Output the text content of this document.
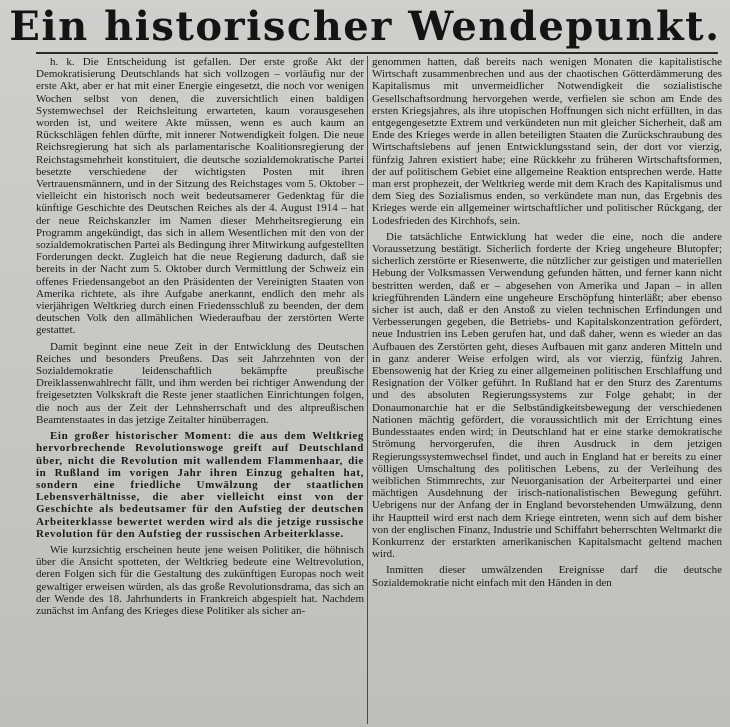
Ein historischer Wendepunkt.

h. k. Die Entscheidung ist gefallen. Der erste große Akt der Demokratisierung Deutschlands hat sich vollzogen – vorläufig nur der erste Akt, aber er hat mit einer Energie eingesetzt, die noch vor wenigen Wochen selbst von denen, die zuversichtlich einen baldigen Systemwechsel der Reichsleitung erwarteten, kaum vorausgesehen worden ist, und weitere Akte müssen, wenn es auch kaum an Rückschlägen fehlen dürfte, mit innerer Notwendigkeit folgen. Die neue Reichsregierung hat sich als parlamentarische Koalitionsregierung der Reichstagsmehrheit konstituiert, die deutsche sozialdemokratische Partei besetzte verschiedene der wichtigsten Posten mit ihren Vertrauensmännern, und in der Sitzung des Reichstages vom 5. Oktober – vielleicht ein historisch noch weit bedeutsamerer Gedenktag für die künftige Geschichte des Deutschen Reiches als der 4. August 1914 – hat der neue Reichskanzler im Namen dieser Mehrheitsregierung ein Programm angekündigt, das sich in allem Wesentlichen mit den von der sozialdemokratischen Partei als Bedingung ihrer Mitwirkung aufgestellten Forderungen deckt. Zugleich hat die neue Regierung dadurch, daß sie bereits in der Nacht zum 5. Oktober durch Vermittlung der Schweiz ein offenes Friedensangebot an den Präsidenten der Vereinigten Staaten von Amerika richtete, als ihre Aufgabe anerkannt, endlich den mehr als vierjährigen Weltkrieg durch einen Friedensschluß zu beenden, der dem deutschen Volk den allmählichen Wiederaufbau der zerstörten Werte gestattet.

Damit beginnt eine neue Zeit in der Entwicklung des Deutschen Reiches und besonders Preußens. Das seit Jahrzehnten von der Sozialdemokratie leidenschaftlich bekämpfte preußische Dreiklassenwahlrecht fällt, und ihm werden bei richtiger Anwendung der freigesetzten Volkskraft die Reste jener staatlichen Einrichtungen folgen, die noch aus der Zeit der Lehnsherrschaft und des altpreußischen Beamtenstaates in das jetzige Zeitalter hinüberragen.

Ein großer historischer Moment: die aus dem Weltkrieg hervorbrechende Revolutionswoge greift auf Deutschland über, nicht die Revolution mit wallendem Flammenhaar, die in Rußland im vorigen Jahr ihren Einzug gehalten hat, sondern eine friedliche Umwälzung der staatlichen Lebensverhältnisse, die aber vielleicht einst von der Geschichte als bedeutsamer für den Aufstieg der deutschen Arbeiterklasse bewertet werden wird als die jetzige russische Revolution für den Aufstieg der russischen Arbeiterklasse.

Wie kurzsichtig erscheinen heute jene weisen Politiker, die höhnisch über die Ansicht spotteten, der Weltkrieg bedeute eine Weltrevolution, deren Folgen sich für die Gestaltung des zukünftigen Europas noch weit gewaltiger erweisen würden, als das große Revolutionsdrama, das sich an der Wende des 18. Jahrhunderts in Frankreich abgespielt hat. Nachdem zunächst im Anfang des Krieges diese Politiker als sicher an-

genommen hatten, daß bereits nach wenigen Monaten die kapitalistische Wirtschaft zusammenbrechen und aus der chaotischen Götterdämmerung des Kapitalismus mit unvermeidlicher Notwendigkeit die sozialistische Gesellschaftsordnung hervorgehen werde, verfielen sie schon am Ende des ersten Kriegsjahres, als ihre utopischen Hoffnungen sich nicht erfüllten, in das entgegengesetzte Extrem und verkündeten nun mit gleicher Sicherheit, daß am Ende des Krieges werde in allen beteiligten Staaten die Zurückschraubung des Wirtschaftslebens auf jenen Entwicklungsstand sein, der dort vor vierzig, fünfzig Jahren existiert habe; eine Rückkehr zu früheren Wirtschaftsformen, der auf politischem Gebiet eine allgemeine Reaktion entsprechen werde. Hatte man erst prophezeit, der Weltkrieg werde mit dem Krach des Kapitalismus und dem Sieg des Sozialismus enden, so verkündete man nun, das Ergebnis des Krieges werde ein allgemeiner wirtschaftlicher und politischer Rückgang, der Lodesfrieden des Kirchhofs, sein.

Die tatsächliche Entwicklung hat weder die eine, noch die andere Voraussetzung bestätigt. Sicherlich forderte der Krieg ungeheure Blutopfer; sicherlich zerstörte er Riesenwerte, die nützlicher zur geistigen und materiellen Hebung der Volksmassen Verwendung gefunden hätten, und ferner kann nicht bestritten werden, daß er – abgesehen von Amerika und Japan – in allen kriegführenden Ländern eine ungeheure Erschöpfung hinterläßt; aber ebenso sicher ist auch, daß er den Anstoß zu vielen technischen Erfindungen und Verbesserungen gegeben, die Betriebs- und Kapitalskonzentration gefördert, neue Industrien ins Leben gerufen hat, und daß daher, wenn es wieder an das Aufbauen des Zerstörten geht, dieses Aufbauen mit ganz anderen Mitteln und in ganz anderer Weise erfolgen wird, als vor vierzig, fünfzig Jahren. Ebensowenig hat der Krieg zu einer allgemeinen politischen Erschlaffung und Resignation der Völker geführt. In Rußland hat er den Sturz des Zarentums und des absoluten Regierungssystems zur Folge gehabt; in der Donaumonarchie hat er die Selbständigkeitsbewegung der verschiedenen Nationen mächtig gefördert, die voraussichtlich mit der Errichtung eines Bundesstaates enden wird; in Deutschland hat er eine starke demokratische Strömung hervorgerufen, die ihren Ausdruck in dem jetzigen Regierungssystemwechsel findet, und auch in England hat er bereits zu einer völligen Umschaltung des politischen Lebens, zu der Verleihung des weiblichen Stimmrechts, zur Neuorganisation der Arbeiterpartei und einer mächtigen Ausdehnung der irisch-nationalistischen Bewegung geführt. Uebrigens nur der Anfang der in England bevorstehenden Umwälzung, denn ihr Hauptteil wird erst nach dem Kriege eintreten, wenn sich auf dem bisher von der englischen Finanz, Industrie und Schiffahrt beherrschten Weltmarkt die Konkurrenz der erstarkten amerikanischen Kapitalsmacht geltend machen wird.

Inmitten dieser umwälzenden Ereignisse darf die deutsche Sozialdemokratie nicht einfach mit den Händen in den
